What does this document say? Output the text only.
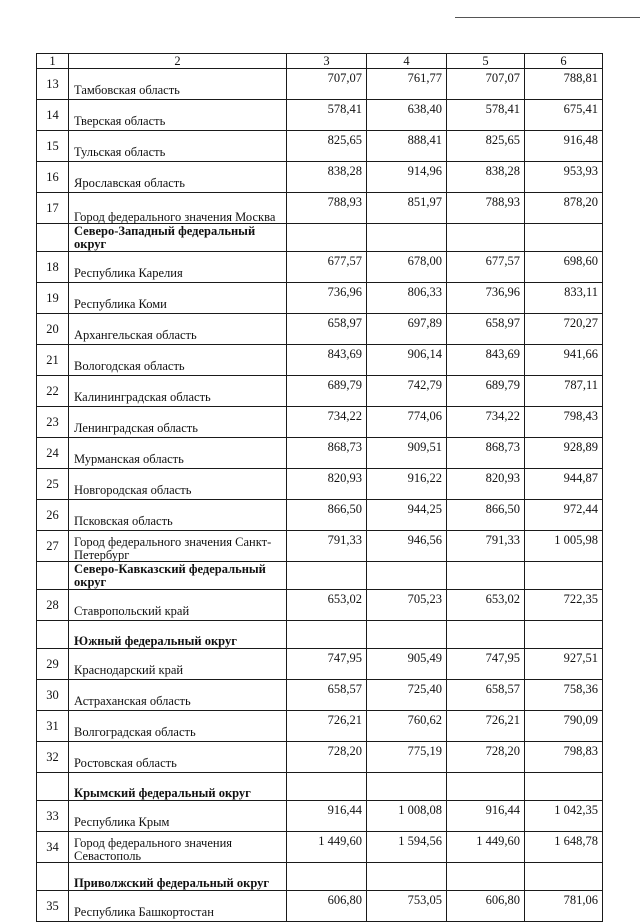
1	2	3	4	5	6
13	Тамбовская область	707,07	761,77	707,07	788,81
14	Тверская область	578,41	638,40	578,41	675,41
15	Тульская область	825,65	888,41	825,65	916,48
16	Ярославская область	838,28	914,96	838,28	953,93
17	Город федерального значения Москва	788,93	851,97	788,93	878,20
	Северо-Западный федеральный округ				
18	Республика Карелия	677,57	678,00	677,57	698,60
19	Республика Коми	736,96	806,33	736,96	833,11
20	Архангельская область	658,97	697,89	658,97	720,27
21	Вологодская область	843,69	906,14	843,69	941,66
22	Калининградская область	689,79	742,79	689,79	787,11
23	Ленинградская область	734,22	774,06	734,22	798,43
24	Мурманская область	868,73	909,51	868,73	928,89
25	Новгородская область	820,93	916,22	820,93	944,87
26	Псковская область	866,50	944,25	866,50	972,44
27	Город федерального значения Санкт-Петербург	791,33	946,56	791,33	1 005,98
	Северо-Кавказский федеральный округ				
28	Ставропольский край	653,02	705,23	653,02	722,35
	Южный федеральный округ				
29	Краснодарский край	747,95	905,49	747,95	927,51
30	Астраханская область	658,57	725,40	658,57	758,36
31	Волгоградская область	726,21	760,62	726,21	790,09
32	Ростовская область	728,20	775,19	728,20	798,83
	Крымский федеральный округ				
33	Республика Крым	916,44	1 008,08	916,44	1 042,35
34	Город федерального значения Севастополь	1 449,60	1 594,56	1 449,60	1 648,78
	Приволжский федеральный округ				
35	Республика Башкортостан	606,80	753,05	606,80	781,06
